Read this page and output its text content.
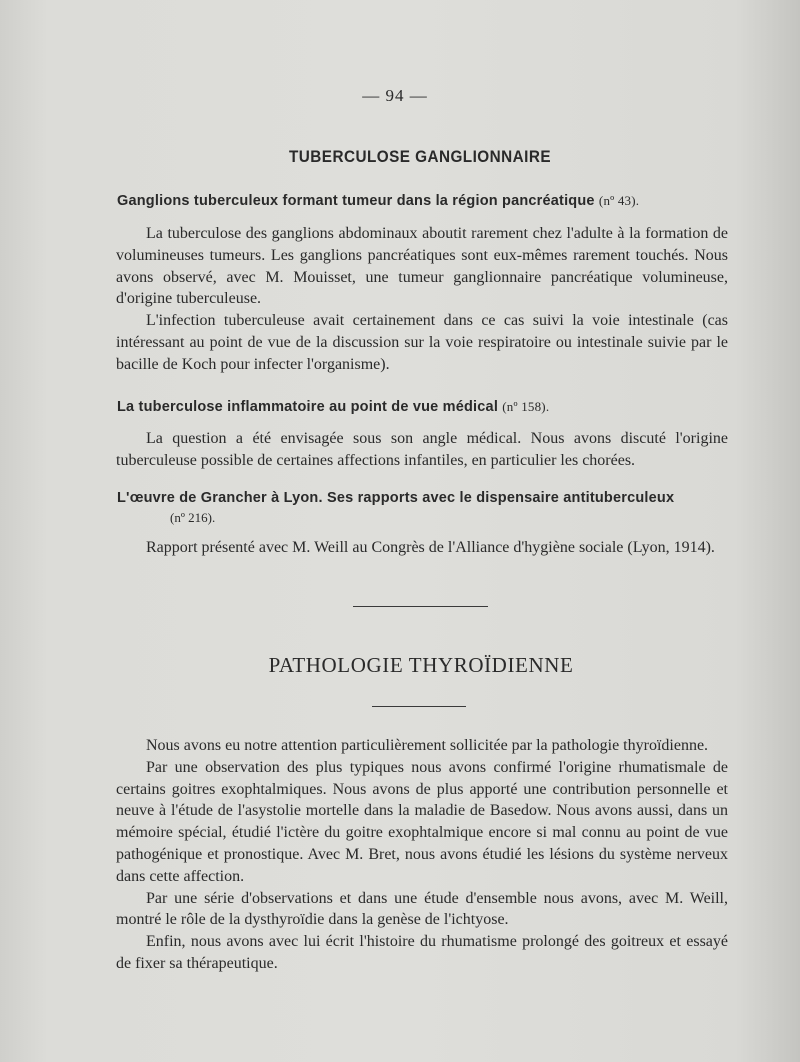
— 94 —
TUBERCULOSE GANGLIONNAIRE
Ganglions tuberculeux formant tumeur dans la région pancréatique (nº 43).

La tuberculose des ganglions abdominaux aboutit rarement chez l'adulte à la formation de volumineuses tumeurs. Les ganglions pancréatiques sont eux-mêmes rarement touchés. Nous avons observé, avec M. Mouisset, une tumeur ganglionnaire pancréatique volumineuse, d'origine tuberculeuse.

L'infection tuberculeuse avait certainement dans ce cas suivi la voie intestinale (cas intéressant au point de vue de la discussion sur la voie respiratoire ou intestinale suivie par le bacille de Koch pour infecter l'organisme).

La tuberculose inflammatoire au point de vue médical (nº 158).

La question a été envisagée sous son angle médical. Nous avons discuté l'origine tuberculeuse possible de certaines affections infantiles, en particulier les chorées.

L'œuvre de Grancher à Lyon. Ses rapports avec le dispensaire antituberculeux
(nº 216).

Rapport présenté avec M. Weill au Congrès de l'Alliance d'hygiène sociale (Lyon, 1914).

PATHOLOGIE THYROÏDIENNE

Nous avons eu notre attention particulièrement sollicitée par la pathologie thyroïdienne.

Par une observation des plus typiques nous avons confirmé l'origine rhumatismale de certains goitres exophtalmiques. Nous avons de plus apporté une contribution personnelle et neuve à l'étude de l'asystolie mortelle dans la maladie de Basedow. Nous avons aussi, dans un mémoire spécial, étudié l'ictère du goitre exophtalmique encore si mal connu au point de vue pathogénique et pronostique. Avec M. Bret, nous avons étudié les lésions du système nerveux dans cette affection.

Par une série d'observations et dans une étude d'ensemble nous avons, avec M. Weill, montré le rôle de la dysthyroïdie dans la genèse de l'ichtyose.

Enfin, nous avons avec lui écrit l'histoire du rhumatisme prolongé des goitreux et essayé de fixer sa thérapeutique.
